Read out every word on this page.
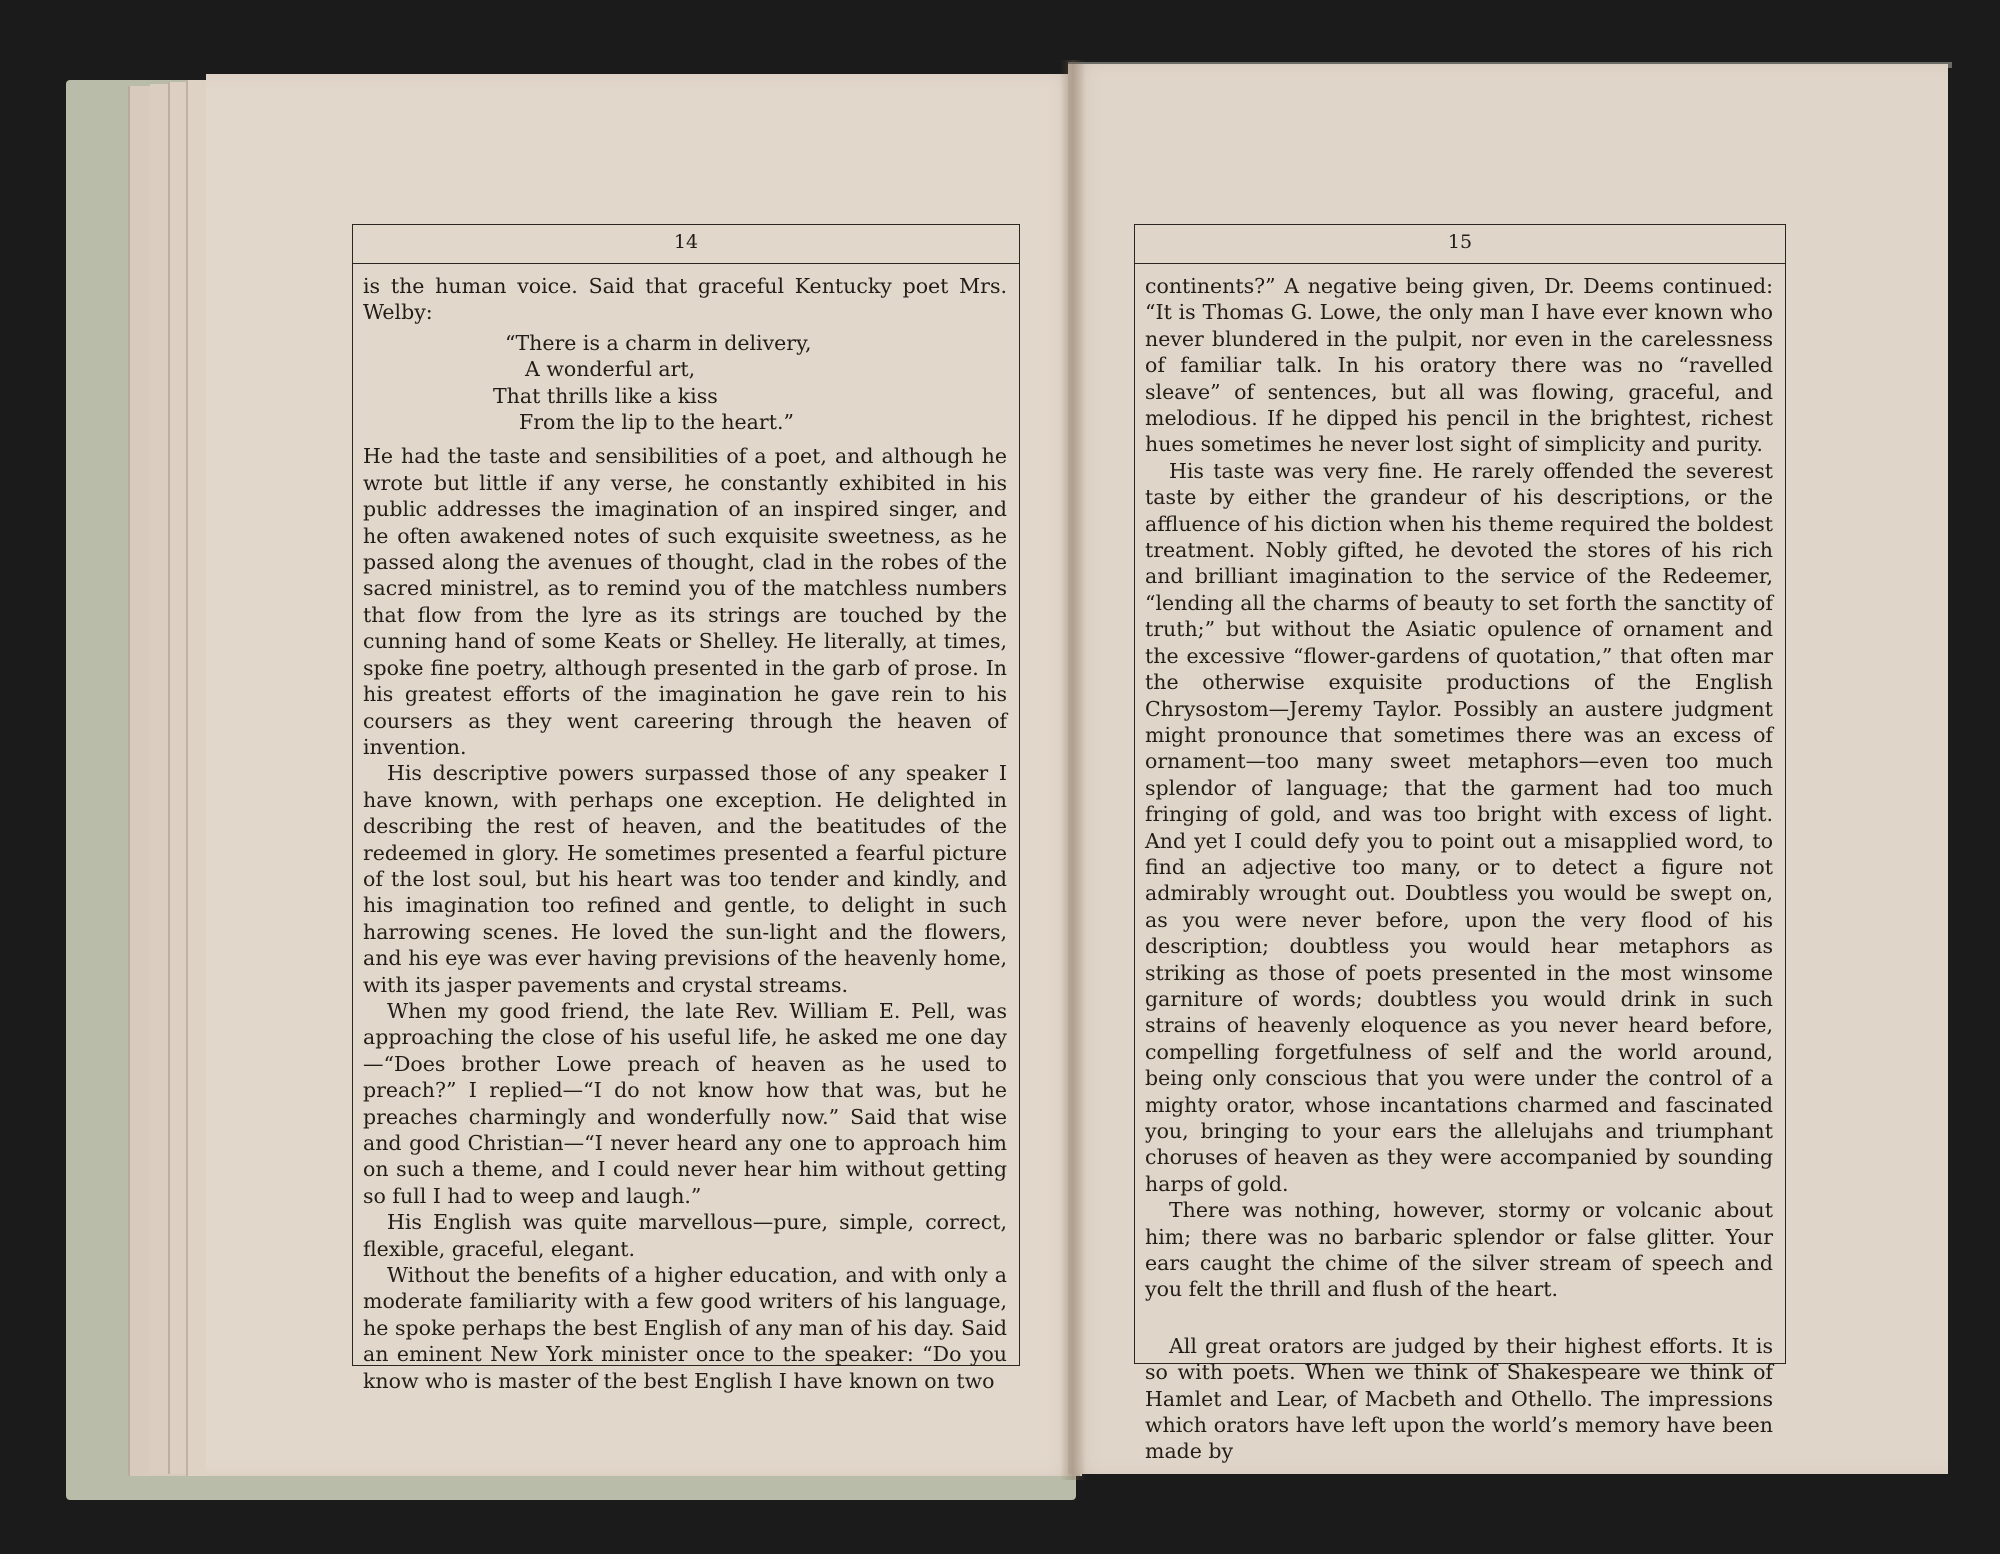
14

is the human voice. Said that graceful Kentucky poet Mrs. Welby:

“There is a charm in delivery,
A wonderful art,
That thrills like a kiss
From the lip to the heart.”

He had the taste and sensibilities of a poet, and although he wrote but little if any verse, he constantly exhibited in his public addresses the imagination of an inspired singer, and he often awakened notes of such exquisite sweetness, as he passed along the avenues of thought, clad in the robes of the sacred ministrel, as to remind you of the matchless numbers that flow from the lyre as its strings are touched by the cunning hand of some Keats or Shelley. He literally, at times, spoke fine poetry, although presented in the garb of prose. In his greatest efforts of the imagination he gave rein to his coursers as they went careering through the heaven of invention.

His descriptive powers surpassed those of any speaker I have known, with perhaps one exception. He delighted in describing the rest of heaven, and the beatitudes of the redeemed in glory. He sometimes presented a fearful picture of the lost soul, but his heart was too tender and kindly, and his imagination too refined and gentle, to delight in such harrowing scenes. He loved the sun-light and the flowers, and his eye was ever having previsions of the heavenly home, with its jasper pavements and crystal streams.

When my good friend, the late Rev. William E. Pell, was approaching the close of his useful life, he asked me one day—“Does brother Lowe preach of heaven as he used to preach?” I replied—“I do not know how that was, but he preaches charmingly and wonderfully now.” Said that wise and good Christian—“I never heard any one to approach him on such a theme, and I could never hear him without getting so full I had to weep and laugh.”

His English was quite marvellous—pure, simple, correct, flexible, graceful, elegant.

Without the benefits of a higher education, and with only a moderate familiarity with a few good writers of his language, he spoke perhaps the best English of any man of his day. Said an eminent New York minister once to the speaker: “Do you know who is master of the best English I have known on two

15

continents?” A negative being given, Dr. Deems continued: “It is Thomas G. Lowe, the only man I have ever known who never blundered in the pulpit, nor even in the carelessness of familiar talk. In his oratory there was no “ravelled sleave” of sentences, but all was flowing, graceful, and melodious. If he dipped his pencil in the brightest, richest hues sometimes he never lost sight of simplicity and purity.

His taste was very fine. He rarely offended the severest taste by either the grandeur of his descriptions, or the affluence of his diction when his theme required the boldest treatment. Nobly gifted, he devoted the stores of his rich and brilliant imagination to the service of the Redeemer, “lending all the charms of beauty to set forth the sanctity of truth;” but without the Asiatic opulence of ornament and the excessive “flower-gardens of quotation,” that often mar the otherwise exquisite productions of the English Chrysostom—Jeremy Taylor. Possibly an austere judgment might pronounce that sometimes there was an excess of ornament—too many sweet metaphors—even too much splendor of language; that the garment had too much fringing of gold, and was too bright with excess of light. And yet I could defy you to point out a misapplied word, to find an adjective too many, or to detect a figure not admirably wrought out. Doubtless you would be swept on, as you were never before, upon the very flood of his description; doubtless you would hear metaphors as striking as those of poets presented in the most winsome garniture of words; doubtless you would drink in such strains of heavenly eloquence as you never heard before, compelling forgetfulness of self and the world around, being only conscious that you were under the control of a mighty orator, whose incantations charmed and fascinated you, bringing to your ears the allelujahs and triumphant choruses of heaven as they were accompanied by sounding harps of gold.

There was nothing, however, stormy or volcanic about him; there was no barbaric splendor or false glitter. Your ears caught the chime of the silver stream of speech and you felt the thrill and flush of the heart.

All great orators are judged by their highest efforts. It is so with poets. When we think of Shakespeare we think of Hamlet and Lear, of Macbeth and Othello. The impressions which orators have left upon the world’s memory have been made by
